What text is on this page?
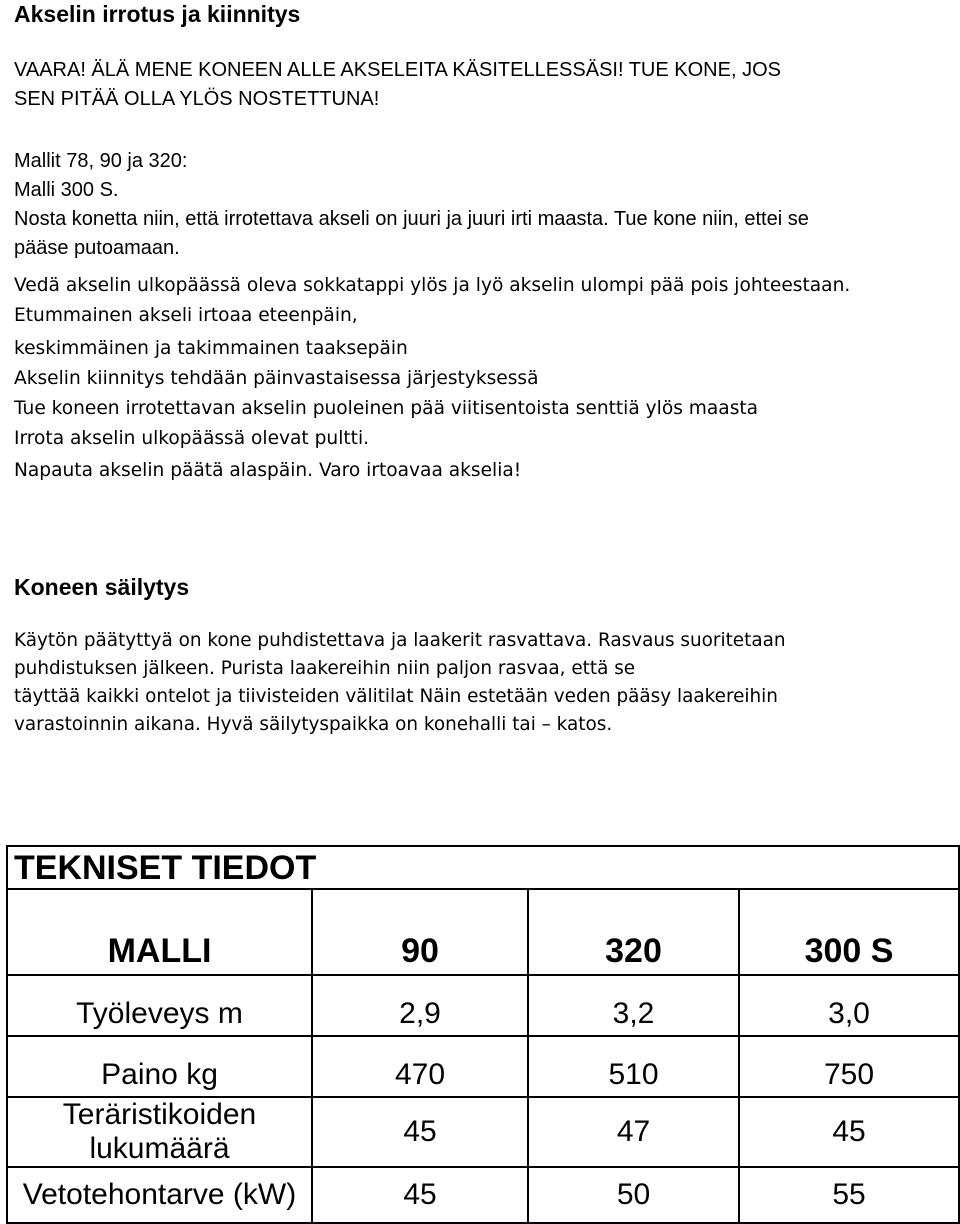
Akselin irrotus ja kiinnitys

VAARA! ÄLÄ MENE KONEEN ALLE AKSELEITA KÄSITELLESSÄSI! TUE KONE, JOS

SEN PITÄÄ OLLA YLÖS NOSTETTUNA!

Mallit 78, 90 ja 320:

Malli 300 S.

Nosta konetta niin, että irrotettava akseli on juuri ja juuri irti maasta. Tue kone niin, ettei se

pääse putoamaan.

Vedä akselin ulkopäässä oleva sokkatappi ylös ja lyö akselin ulompi pää pois johteestaan.

Etummainen akseli irtoaa eteenpäin,

keskimmäinen ja takimmainen taaksepäin

Akselin kiinnitys tehdään päinvastaisessa järjestyksessä

Tue koneen irrotettavan akselin puoleinen pää viitisentoista senttiä ylös maasta

Irrota akselin ulkopäässä olevat pultti.

Napauta akselin päätä alaspäin. Varo irtoavaa akselia!

Koneen säilytys

Käytön päätyttyä on kone puhdistettava ja laakerit rasvattava. Rasvaus suoritetaan

puhdistuksen jälkeen. Purista laakereihin niin paljon rasvaa, että se

täyttää kaikki ontelot ja tiivisteiden välitilat Näin estetään veden pääsy laakereihin

varastoinnin aikana. Hyvä säilytyspaikka on konehalli tai – katos.

TEKNISET TIEDOT			
MALLI	90	320	300 S
Työleveys m	2,9	3,2	3,0
Paino kg	470	510	750
Teräristikoiden
lukumäärä	45	47	45
Vetotehontarve (kW)	45	50	55
